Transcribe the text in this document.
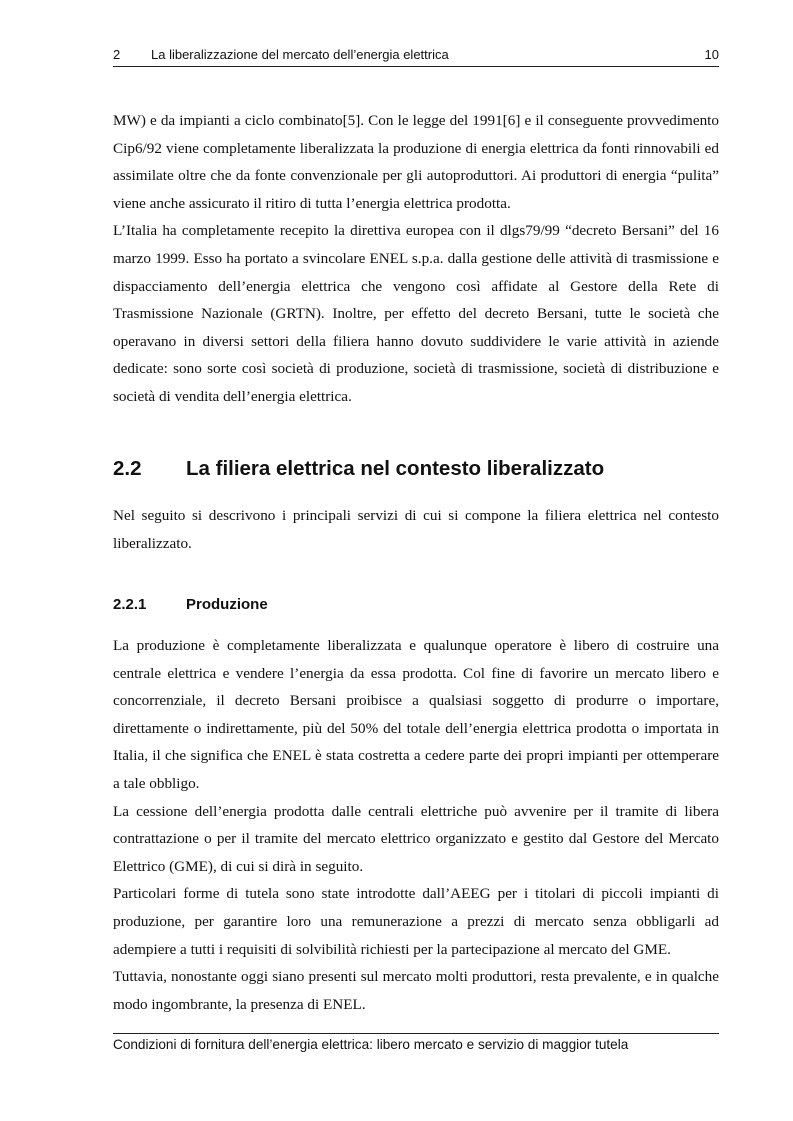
2 La liberalizzazione del mercato dell’energia elettrica	10

MW) e da impianti a ciclo combinato[5]. Con le legge del 1991[6] e il conseguente provvedimento Cip6/92 viene completamente liberalizzata la produzione di energia elettrica da fonti rinnovabili ed assimilate oltre che da fonte convenzionale per gli autoproduttori. Ai produttori di energia “pulita” viene anche assicurato il ritiro di tutta l’energia elettrica prodotta.

L’Italia ha completamente recepito la direttiva europea con il dlgs79/99 “decreto Bersani” del 16 marzo 1999. Esso ha portato a svincolare ENEL s.p.a. dalla gestione delle attività di trasmissione e dispacciamento dell’energia elettrica che vengono così affidate al Gestore della Rete di Trasmissione Nazionale (GRTN). Inoltre, per effetto del decreto Bersani, tutte le società che operavano in diversi settori della filiera hanno dovuto suddividere le varie attività in aziende dedicate: sono sorte così società di produzione, società di trasmissione, società di distribuzione e società di vendita dell’energia elettrica.

2.2 La filiera elettrica nel contesto liberalizzato

Nel seguito si descrivono i principali servizi di cui si compone la filiera elettrica nel contesto liberalizzato.

2.2.1	Produzione

La produzione è completamente liberalizzata e qualunque operatore è libero di costruire una centrale elettrica e vendere l’energia da essa prodotta. Col fine di favorire un mercato libero e concorrenziale, il decreto Bersani proibisce a qualsiasi soggetto di produrre o importare, direttamente o indirettamente, più del 50% del totale dell’energia elettrica prodotta o importata in Italia, il che significa che ENEL è stata costretta a cedere parte dei propri impianti per ottemperare a tale obbligo.

La cessione dell’energia prodotta dalle centrali elettriche può avvenire per il tramite di libera contrattazione o per il tramite del mercato elettrico organizzato e gestito dal Gestore del Mercato Elettrico (GME), di cui si dirà in seguito.

Particolari forme di tutela sono state introdotte dall’AEEG per i titolari di piccoli impianti di produzione, per garantire loro una remunerazione a prezzi di mercato senza obbligarli ad adempiere a tutti i requisiti di solvibilità richiesti per la partecipazione al mercato del GME.

Tuttavia, nonostante oggi siano presenti sul mercato molti produttori, resta prevalente, e in qualche modo ingombrante, la presenza di ENEL.

Condizioni di fornitura dell’energia elettrica: libero mercato e servizio di maggior tutela
